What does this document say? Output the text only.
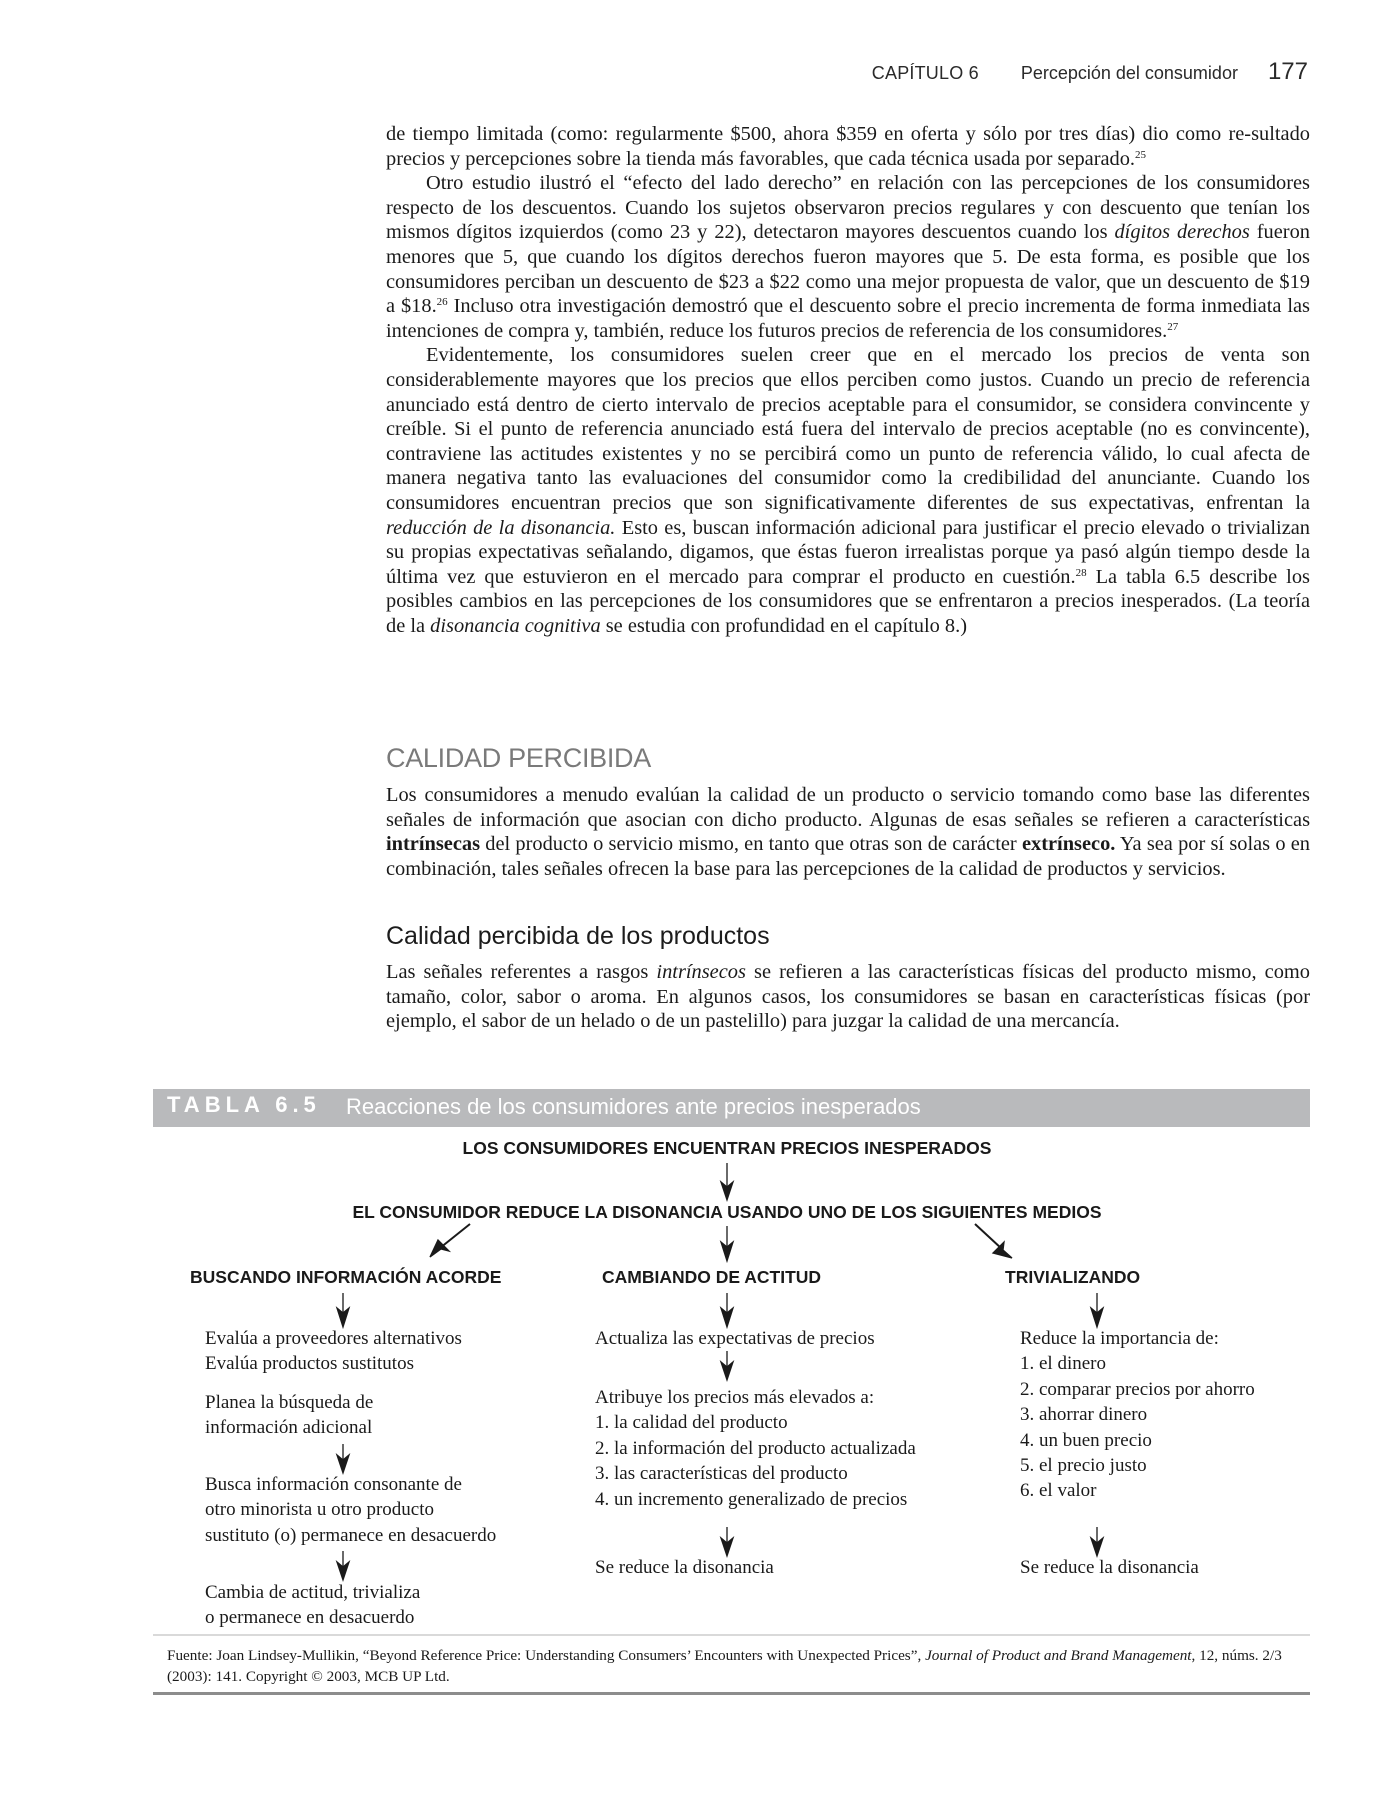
CAPÍTULO 6 Percepción del consumidor 177

de tiempo limitada (como: regularmente $500, ahora $359 en oferta y sólo por tres días) dio como re-sultado precios y percepciones sobre la tienda más favorables, que cada técnica usada por separado.$^{25}$

Otro estudio ilustró el “efecto del lado derecho” en relación con las percepciones de los consumidores respecto de los descuentos. Cuando los sujetos observaron precios regulares y con descuento que tenían los mismos dígitos izquierdos (como 23 y 22), detectaron mayores descuentos cuando los dígitos derechos fueron menores que 5, que cuando los dígitos derechos fueron mayores que 5. De esta forma, es posible que los consumidores perciban un descuento de $23 a $22 como una mejor propuesta de valor, que un descuento de $19 a $18.26 Incluso otra investigación demostró que el descuento sobre el precio incrementa de forma inmediata las intenciones de compra y, también, reduce los futuros precios de referencia de los consumidores.$^{27}$

Evidentemente, los consumidores suelen creer que en el mercado los precios de venta son considerablemente mayores que los precios que ellos perciben como justos. Cuando un precio de referencia anunciado está dentro de cierto intervalo de precios aceptable para el consumidor, se considera convincente y creíble. Si el punto de referencia anunciado está fuera del intervalo de precios aceptable (no es convincente), contraviene las actitudes existentes y no se percibirá como un punto de referencia válido, lo cual afecta de manera negativa tanto las evaluaciones del consumidor como la credibilidad del anunciante. Cuando los consumidores encuentran precios que son significativamente diferentes de sus expectativas, enfrentan la reducción de la disonancia. Esto es, buscan información adicional para justificar el precio elevado o trivializan su propias expectativas señalando, digamos, que éstas fueron irrealistas porque ya pasó algún tiempo desde la última vez que estuvieron en el mercado para comprar el producto en cuestión.$^{28}$ La tabla 6.5 describe los posibles cambios en las percepciones de los consumidores que se enfrentaron a precios inesperados. (La teoría de la disonancia cognitiva se estudia con profundidad en el capítulo 8.)

CALIDAD PERCIBIDA

Los consumidores a menudo evalúan la calidad de un producto o servicio tomando como base las diferentes señales de información que asocian con dicho producto. Algunas de esas señales se refieren a características intrínsecas del producto o servicio mismo, en tanto que otras son de carácter extrínseco. Ya sea por sí solas o en combinación, tales señales ofrecen la base para las percepciones de la calidad de productos y servicios.

Calidad percibida de los productos

Las señales referentes a rasgos intrínsecos se refieren a las características físicas del producto mismo, como tamaño, color, sabor o aroma. En algunos casos, los consumidores se basan en características físicas (por ejemplo, el sabor de un helado o de un pastelillo) para juzgar la calidad de una mercancía.

TABLA 6.5 Reacciones de los consumidores ante precios inesperados
LOS CONSUMIDORES ENCUENTRAN PRECIOS INESPERADOS
EL CONSUMIDOR REDUCE LA DISONANCIA USANDO UNO DE LOS SIGUIENTES MEDIOS
BUSCANDO INFORMACIÓN ACORDE	CAMBIANDO DE ACTITUD	TRIVIALIZANDO
Evalúa a proveedores alternativos
Evalúa productos sustitutos
Planea la búsqueda de
información adicional
Busca información consonante de
otro minorista u otro producto
sustituto (o) permanece en desacuerdo
Cambia de actitud, trivializa
o permanece en desacuerdo
Actualiza las expectativas de precios
Atribuye los precios más elevados a:
1. la calidad del producto
2. la información del producto actualizada
3. las características del producto
4. un incremento generalizado de precios
Se reduce la disonancia
Reduce la importancia de:
1. el dinero
2. comparar precios por ahorro
3. ahorrar dinero
4. un buen precio
5. el precio justo
6. el valor
Se reduce la disonancia
Fuente: Joan Lindsey-Mullikin, “Beyond Reference Price: Understanding Consumers’ Encounters with Unexpected Prices”, Journal of Product and Brand Management, 12, núms. 2/3 (2003): 141. Copyright © 2003, MCB UP Ltd.
